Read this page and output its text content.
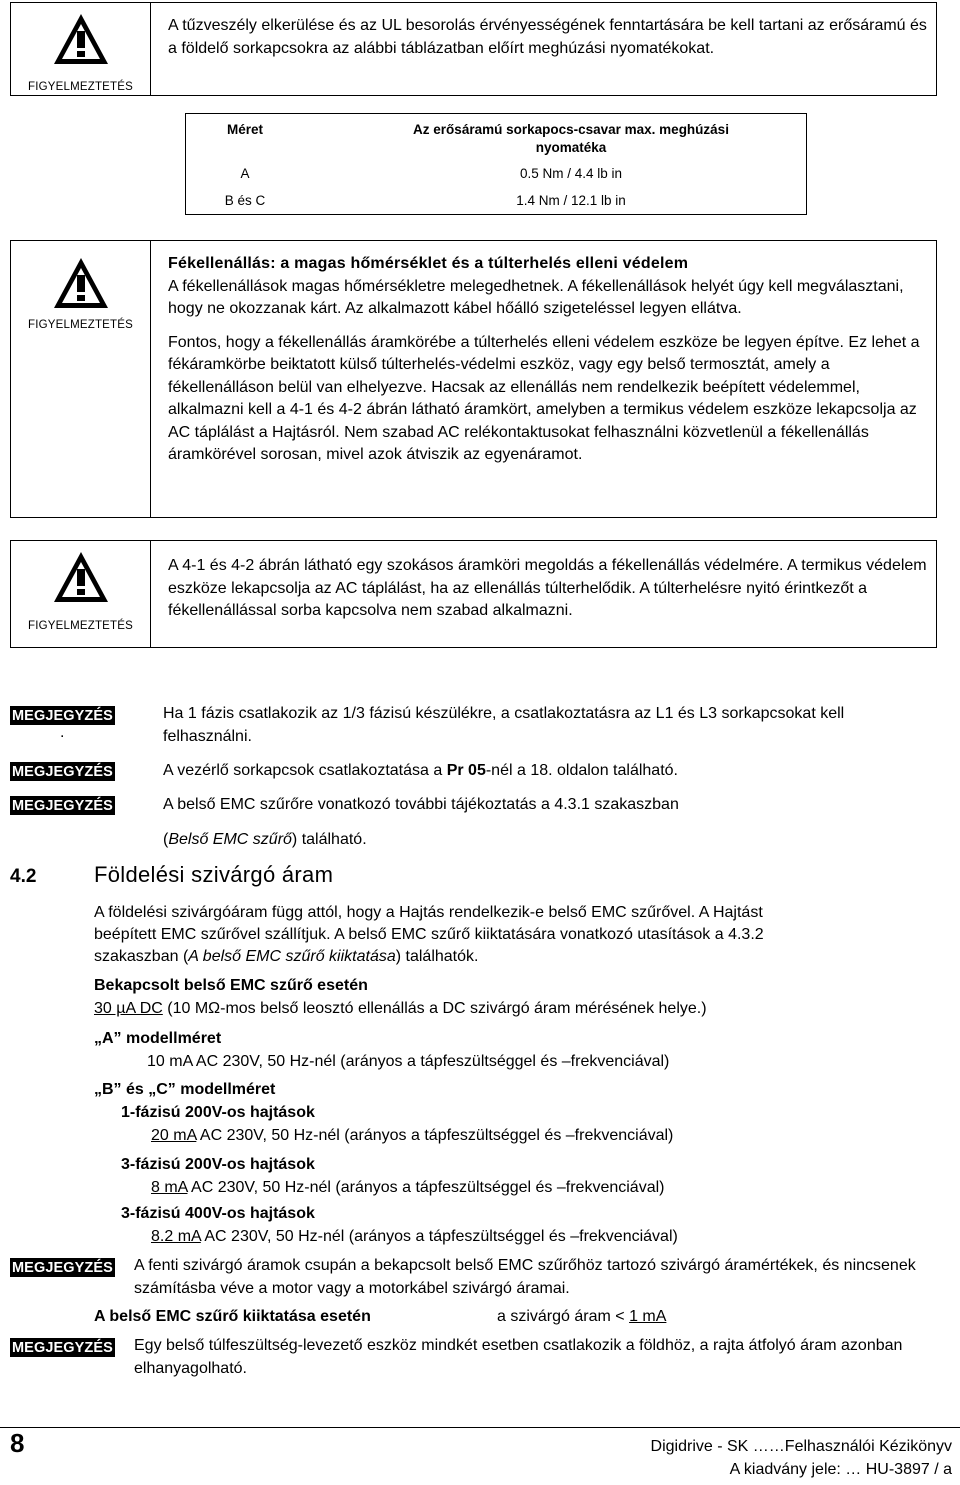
FIGYELMEZTETÉS

A tűzveszély elkerülése és az UL besorolás érvényességének fenntartására be kell tartani az erősáramú és a földelő sorkapcsokra az alábbi táblázatban előírt meghúzási nyomatékokat.

Méret	Az erősáramú sorkapocs-csavar max. meghúzási
nyomatéka
A	0.5 Nm / 4.4 lb in
B és C	1.4 Nm / 12.1 lb in
FIGYELMEZTETÉS

Fékellenállás: a magas hőmérséklet és a túlterhelés elleni védelem

A fékellenállások magas hőmérsékletre melegedhetnek. A fékellenállások helyét úgy kell megválasztani, hogy ne okozzanak kárt. Az alkalmazott kábel hőálló szigeteléssel legyen ellátva.

Fontos, hogy a fékellenállás áramkörébe a túlterhelés elleni védelem eszköze be legyen építve. Ez lehet a fékáramkörbe beiktatott külső túlterhelés-védelmi eszköz, vagy egy belső termosztát, amely a fékellenálláson belül van elhelyezve. Hacsak az ellenállás nem rendelkezik beépített védelemmel, alkalmazni kell a 4-1 és 4-2 ábrán látható áramkört, amelyben a termikus védelem eszköze lekapcsolja az AC táplálást a Hajtásról. Nem szabad AC relékontaktusokat felhasználni közvetlenül a fékellenállás áramkörével sorosan, mivel azok átviszik az egyenáramot.

FIGYELMEZTETÉS

A 4-1 és 4-2 ábrán látható egy szokásos áramköri megoldás a fékellenállás védelmére. A termikus védelem eszköze lekapcsolja az AC táplálást, ha az ellenállás túlterhelődik. A túlterhelésre nyitó érintkezőt a fékellenállással sorba kapcsolva nem szabad alkalmazni.

MEGJEGYZÉS
.
Ha 1 fázis csatlakozik az 1/3 fázisú készülékre, a csatlakoztatásra az L1 és L3 sorkapcsokat kell felhasználni.
MEGJEGYZÉS	A vezérlő sorkapcsok csatlakoztatása a Pr 05-nél a 18. oldalon található.
MEGJEGYZÉS	A belső EMC szűrőre vonatkozó további tájékoztatás a 4.3.1 szakaszban
(Belső EMC szűrő) található.
4.2	Földelési szivárgó áram
A földelési szivárgóáram függ attól, hogy a Hajtás rendelkezik-e belső EMC szűrővel. A Hajtást
beépített EMC szűrővel szállítjuk. A belső EMC szűrő kiiktatására vonatkozó utasítások a 4.3.2
szakaszban (A belső EMC szűrő kiiktatása) találhatók.
Bekapcsolt belső EMC szűrő esetén
30 µA DC (10 MΩ-mos belső leosztó ellenállás a DC szivárgó áram mérésének helye.)
„A” modellméret
10 mA AC 230V, 50 Hz-nél (arányos a tápfeszültséggel és –frekvenciával)
„B” és „C” modellméret
1-fázisú 200V-os hajtások
20 mA AC 230V, 50 Hz-nél (arányos a tápfeszültséggel és –frekvenciával)
3-fázisú 200V-os hajtások
8 mA AC 230V, 50 Hz-nél (arányos a tápfeszültséggel és –frekvenciával)
3-fázisú 400V-os hajtások
8.2 mA AC 230V, 50 Hz-nél (arányos a tápfeszültséggel és –frekvenciával)
MEGJEGYZÉS A fenti szivárgó áramok csupán a bekapcsolt belső EMC szűrőhöz tartozó szivárgó áramértékek, és nincsenek számításba véve a motor vagy a motorkábel szivárgó áramai.
A belső EMC szűrő kiiktatása esetén	a szivárgó áram < 1 mA
MEGJEGYZÉS Egy belső túlfeszültség-levezető eszköz mindkét esetben csatlakozik a földhöz, a rajta átfolyó áram azonban elhanyagolható.
8	Digidrive - SK ……Felhasználói Kézikönyv
A kiadvány jele: … HU-3897 / a
